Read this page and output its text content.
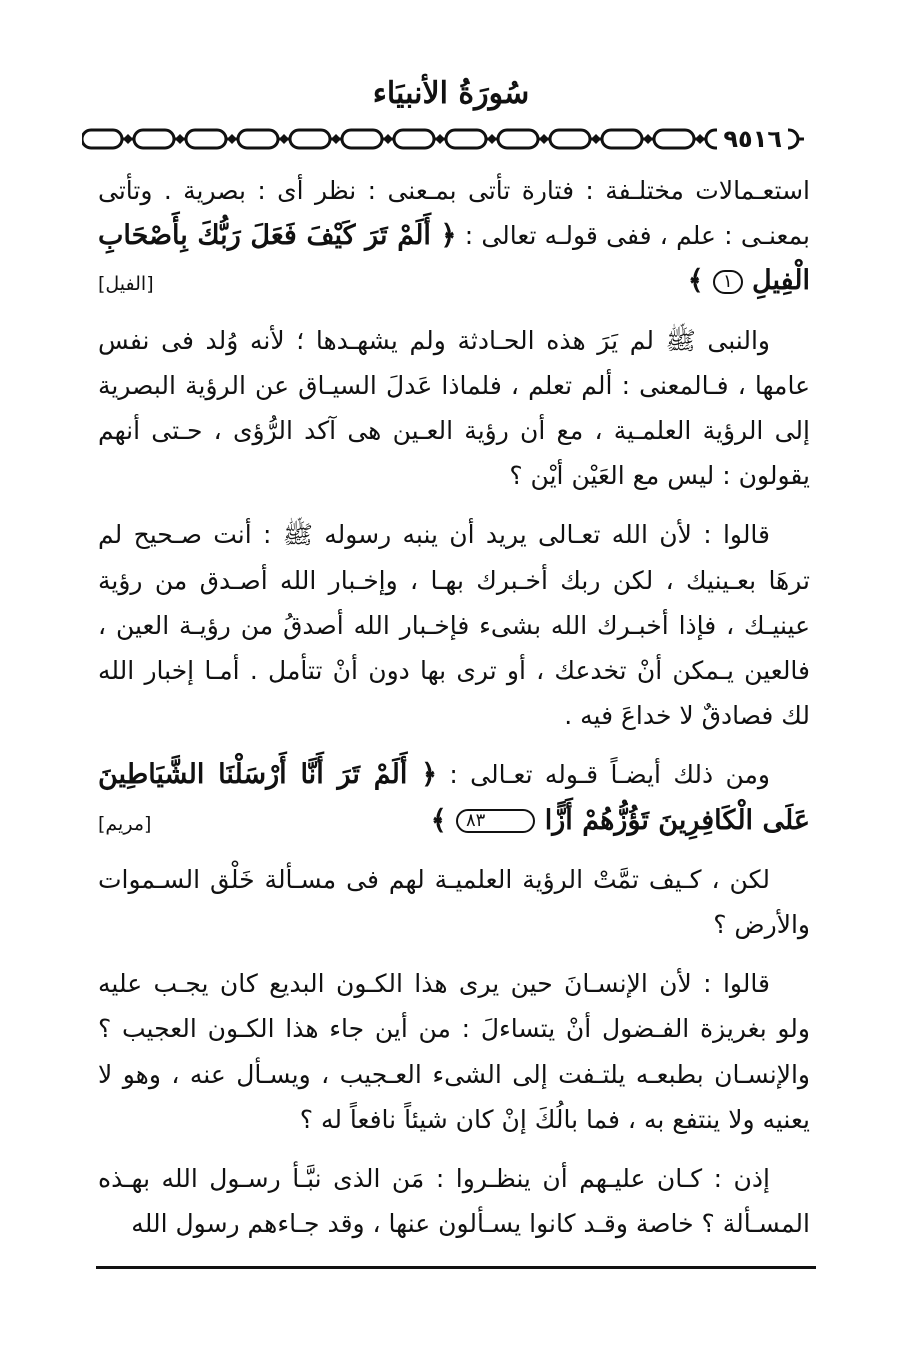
سُورَةُ الأنبيَاء
٩٥١٦

استعـمالات مختلـفة : فتارة تأتى بمـعنى : نظر أى : بصرية . وتأتى بمعنـى : علم ، ففى قولـه تعالى : ﴿ أَلَمْ تَرَ كَيْفَ فَعَلَ رَبُّكَ بِأَصْحَابِ الْفِيلِ ١ ﴾
[الفيل]

والنبى ﷺ لم يَرَ هذه الحـادثة ولم يشهـدها ؛ لأنه وُلد فى نفس عامها ، فـالمعنى : ألم تعلم ، فلماذا عَدلَ السيـاق عن الرؤية البصرية إلى الرؤية العلمـية ، مع أن رؤية العـين هى آكد الرُّؤى ، حـتى أنهم يقولون : ليس مع العَيْن أيْن ؟

قالوا : لأن الله تعـالى يريد أن ينبه رسوله ﷺ : أنت صـحيح لم ترهَا بعـينيك ، لكن ربك أخـبرك بهـا ، وإخـبار الله أصـدق من رؤية عينيـك ، فإذا أخبـرك الله بشىء فإخـبار الله أصدقُ من رؤيـة العين ، فالعين يـمكن أنْ تخدعك ، أو ترى بها دون أنْ تتأمل . أمـا إخبار الله لك فصادقٌ لا خداعَ فيه .

ومن ذلك أيضـاً قـوله تعـالى : ﴿ أَلَمْ تَرَ أَنَّا أَرْسَلْنَا الشَّيَاطِينَ عَلَى الْكَافِرِينَ تَؤُزُّهُمْ أَزًّا ٨٣ ﴾
[مريم]

لكن ، كـيف تمَّتْ الرؤية العلميـة لهم فى مسـألة خَلْق السـموات والأرض ؟

قالوا : لأن الإنسـانَ حين يرى هذا الكـون البديع كان يجـب عليه ولو بغريزة الفـضول أنْ يتساءلَ : من أين جاء هذا الكـون العجيب ؟ والإنسـان بطبعـه يلتـفت إلى الشىء العـجيب ، ويسـأل عنه ، وهو لا يعنيه ولا ينتفع به ، فما بالُكَ إنْ كان شيئاً نافعاً له ؟

إذن : كـان عليـهم أن ينظـروا : مَن الذى نبَّـأ رسـول الله بهـذه المسـألة ؟ خاصة وقـد كانوا يسـألون عنها ، وقد جـاءهم رسول الله
